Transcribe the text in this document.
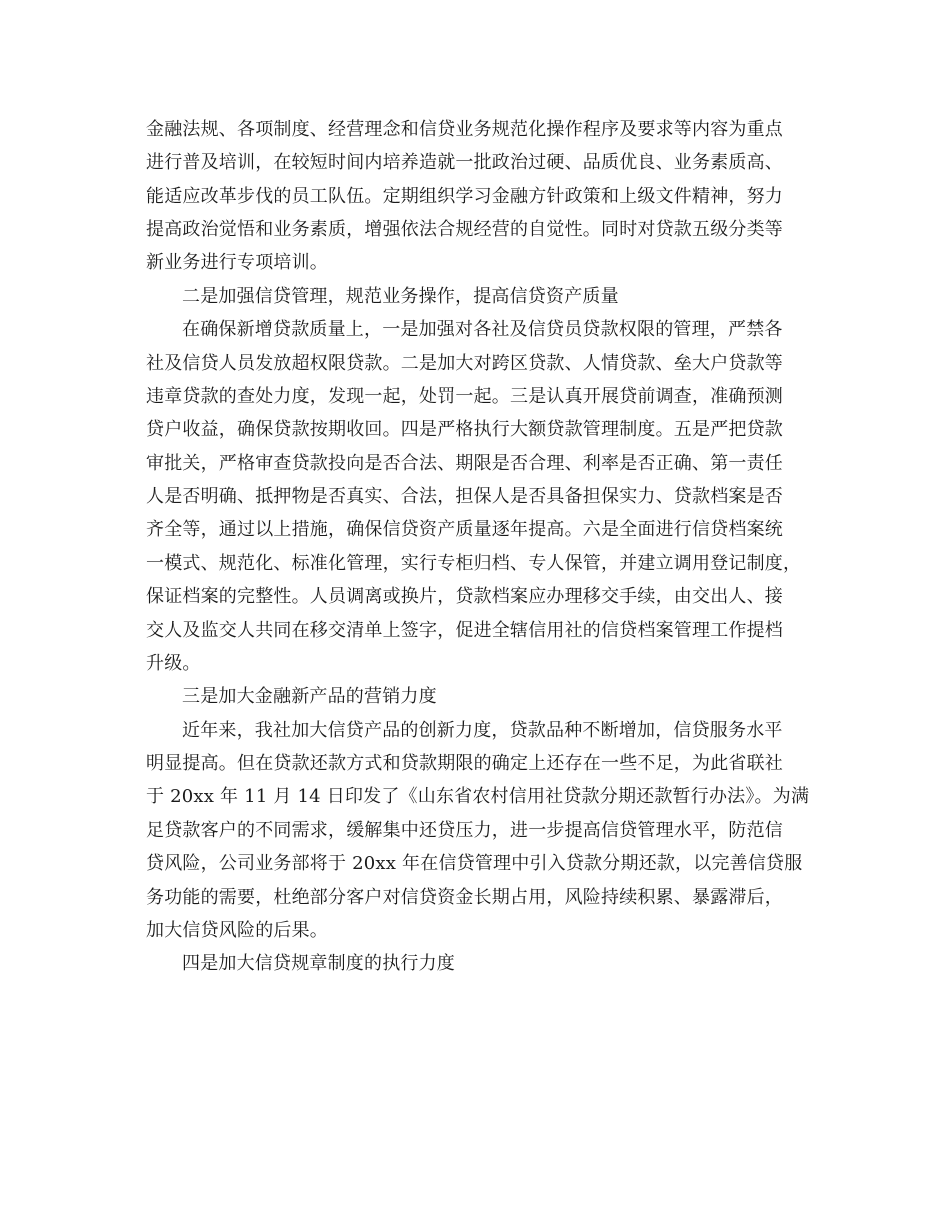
金融法规、各项制度、经营理念和信贷业务规范化操作程序及要求等内容为重点
进行普及培训，在较短时间内培养造就一批政治过硬、品质优良、业务素质高、
能适应改革步伐的员工队伍。定期组织学习金融方针政策和上级文件精神，努力
提高政治觉悟和业务素质，增强依法合规经营的自觉性。同时对贷款五级分类等
新业务进行专项培训。
二是加强信贷管理，规范业务操作，提高信贷资产质量
在确保新增贷款质量上，一是加强对各社及信贷员贷款权限的管理，严禁各
社及信贷人员发放超权限贷款。二是加大对跨区贷款、人情贷款、垒大户贷款等
违章贷款的查处力度，发现一起，处罚一起。三是认真开展贷前调查，准确预测
贷户收益，确保贷款按期收回。四是严格执行大额贷款管理制度。五是严把贷款
审批关，严格审查贷款投向是否合法、期限是否合理、利率是否正确、第一责任
人是否明确、抵押物是否真实、合法，担保人是否具备担保实力、贷款档案是否
齐全等，通过以上措施，确保信贷资产质量逐年提高。六是全面进行信贷档案统
一模式、规范化、标准化管理，实行专柜归档、专人保管，并建立调用登记制度，
保证档案的完整性。人员调离或换片，贷款档案应办理移交手续，由交出人、接
交人及监交人共同在移交清单上签字，促进全辖信用社的信贷档案管理工作提档
升级。
三是加大金融新产品的营销力度
近年来，我社加大信贷产品的创新力度，贷款品种不断增加，信贷服务水平
明显提高。但在贷款还款方式和贷款期限的确定上还存在一些不足，为此省联社
于 20xx 年 11 月 14 日印发了《山东省农村信用社贷款分期还款暂行办法》。为满
足贷款客户的不同需求，缓解集中还贷压力，进一步提高信贷管理水平，防范信
贷风险，公司业务部将于 20xx 年在信贷管理中引入贷款分期还款，以完善信贷服
务功能的需要，杜绝部分客户对信贷资金长期占用，风险持续积累、暴露滞后，
加大信贷风险的后果。
四是加大信贷规章制度的执行力度
